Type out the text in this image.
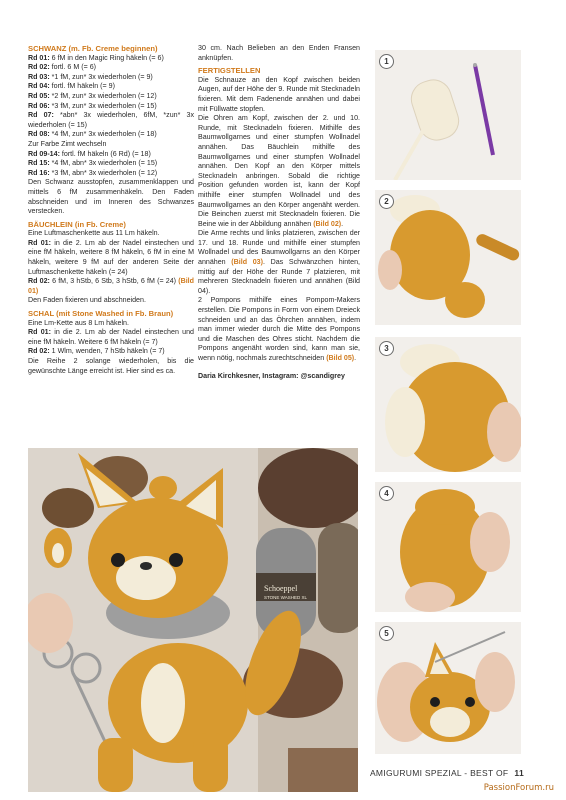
SCHWANZ (m. Fb. Creme beginnen)

Rd 01: 6 fM in den Magic Ring häkeln (= 6)

Rd 02: fortl. 6 M (= 6)

Rd 03: *1 fM, zun* 3x wiederholen (= 9)

Rd 04: fortl. fM häkeln (= 9)

Rd 05: *2 fM, zun* 3x wiederholen (= 12)

Rd 06: *3 fM, zun* 3x wiederholen (= 15)

Rd 07: *abn* 3x wiederholen, 6fM, *zun* 3x wiederholen (= 15)

Rd 08: *4 fM, zun* 3x wiederholen (= 18)

Zur Farbe Zimt wechseln

Rd 09-14: fortl. fM häkeln (6 Rd) (= 18)

Rd 15: *4 fM, abn* 3x wiederholen (= 15)

Rd 16: *3 fM, abn* 3x wiederholen (= 12)

Den Schwanz ausstopfen, zusammenklappen und mittels 6 fM zusammenhäkeln. Den Faden abschneiden und im Inneren des Schwanzes verstecken.

BÄUCHLEIN (in Fb. Creme)

Eine Luftmaschenkette aus 11 Lm häkeln.

Rd 01: in die 2. Lm ab der Nadel einstechen und eine fM häkeln, weitere 8 fM häkeln, 6 fM in eine M häkeln, weitere 9 fM auf der anderen Seite der Luftmaschenkette häkeln (= 24)

Rd 02: 6 fM, 3 hStb, 6 Stb, 3 hStb, 6 fM (= 24) (Bild 01)

Den Faden fixieren und abschneiden.

SCHAL (mit Stone Washed in Fb. Braun)

Eine Lm-Kette aus 8 Lm häkeln.

Rd 01: in die 2. Lm ab der Nadel einstechen und eine fM häkeln. Weitere 6 fM häkeln (= 7)

Rd 02: 1 Wlm, wenden, 7 hStb häkeln (= 7)

Die Reihe 2 solange wiederholen, bis die gewünschte Länge erreicht ist. Hier sind es ca.

30 cm. Nach Belieben an den Enden Fransen anknüpfen.

FERTIGSTELLEN

Die Schnauze an den Kopf zwischen beiden Augen, auf der Höhe der 9. Runde mit Stecknadeln fixieren. Mit dem Fadenende annähen und dabei mit Füllwatte stopfen.

Die Ohren am Kopf, zwischen der 2. und 10. Runde, mit Stecknadeln fixieren. Mithilfe des Baumwollgarnes und einer stumpfen Wollnadel annähen. Das Bäuchlein mithilfe des Baumwollgarnes und einer stumpfen Wollnadel annähen. Den Kopf an den Körper mittels Stecknadeln anbringen. Sobald die richtige Position gefunden worden ist, kann der Kopf mithilfe einer stumpfen Wollnadel und des Baumwollgarnes an den Körper angenäht werden. Die Beinchen zuerst mit Stecknadeln fixieren. Die Beine wie in der Abbildung annähen (Bild 02).

Die Arme rechts und links platzieren, zwischen der 17. und 18. Runde und mithilfe einer stumpfen Wollnadel und des Baumwollgarns an den Körper annähen (Bild 03). Das Schwänzchen hinten, mittig auf der Höhe der Runde 7 platzieren, mit mehreren Stecknadeln fixieren und annähen (Bild 04).

2 Pompons mithilfe eines Pompom-Makers erstellen. Die Pompons in Form von einem Dreieck schneiden und an das Öhrchen annähen, indem man immer wieder durch die Mitte des Pompons und die Maschen des Ohres sticht. Nachdem die Pompons angenäht worden sind, kann man sie, wenn nötig, nochmals zurechtschneiden (Bild 05).

Daria Kirchkesner, Instagram: @scandigrey

Schoeppel
STONE WASHED XL
1
2
3
4
5
AMIGURUMI SPEZIAL - BEST OF 11
PassionForum.ru
